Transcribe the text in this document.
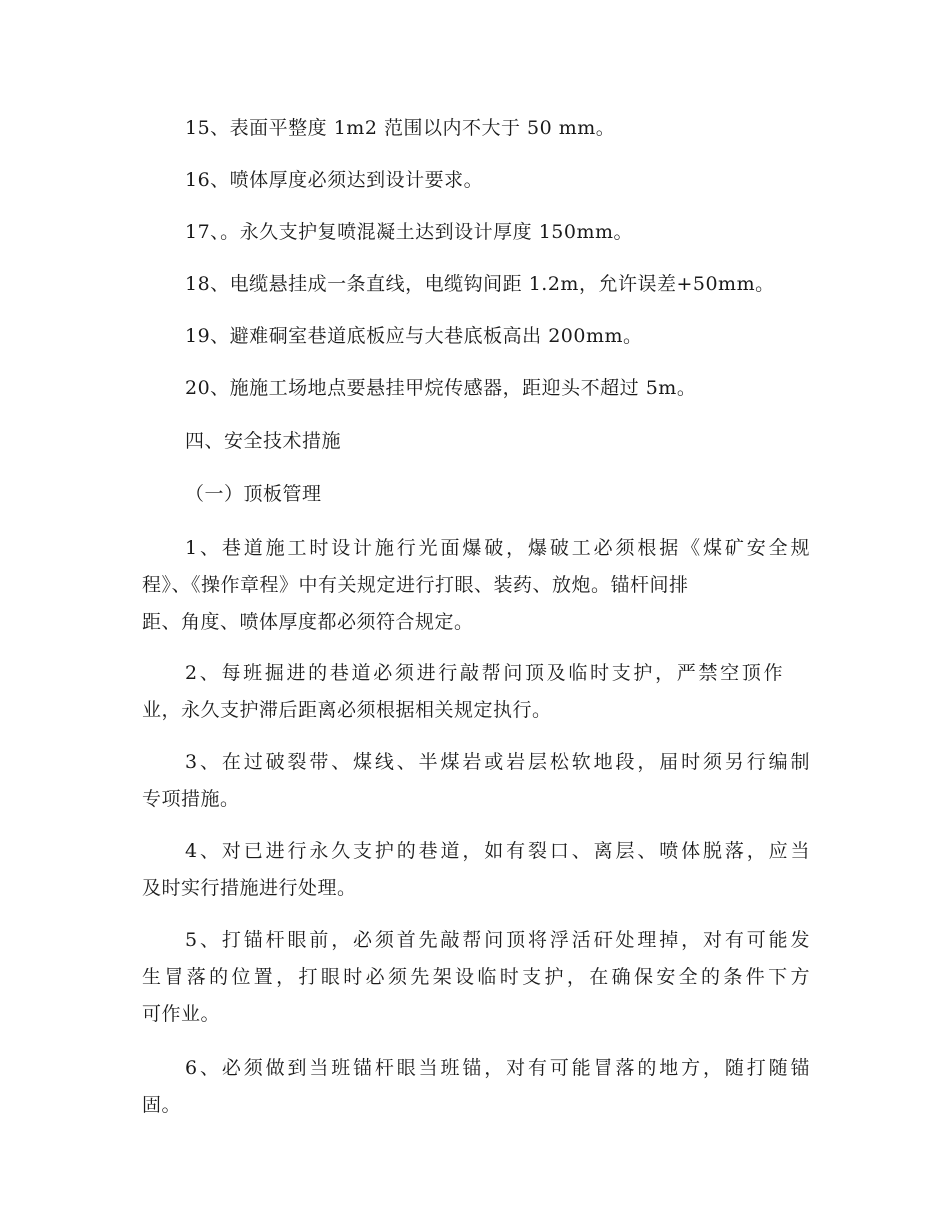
15、表面平整度 1m2 范围以内不大于 50 mm。
16、喷体厚度必须达到设计要求。
17、。永久支护复喷混凝土达到设计厚度 150mm。
18、电缆悬挂成一条直线，电缆钩间距 1.2m，允许误差+50mm。
19、避难硐室巷道底板应与大巷底板高出 200mm。
20、施施工场地点要悬挂甲烷传感器，距迎头不超过 5m。
四、安全技术措施
（一）顶板管理
1、巷道施工时设计施行光面爆破，爆破工必须根据《煤矿安全规
程》、《操作章程》中有关规定进行打眼、装药、放炮。锚杆间排
距、角度、喷体厚度都必须符合规定。
2、每班掘进的巷道必须进行敲帮问顶及临时支护，严禁空顶作
业，永久支护滞后距离必须根据相关规定执行。
3、在过破裂带、煤线、半煤岩或岩层松软地段，届时须另行编制
专项措施。
4、对已进行永久支护的巷道，如有裂口、离层、喷体脱落，应当
及时实行措施进行处理。
5、打锚杆眼前，必须首先敲帮问顶将浮活矸处理掉，对有可能发
生冒落的位置，打眼时必须先架设临时支护，在确保安全的条件下方
可作业。
6、必须做到当班锚杆眼当班锚，对有可能冒落的地方，随打随锚
固。
